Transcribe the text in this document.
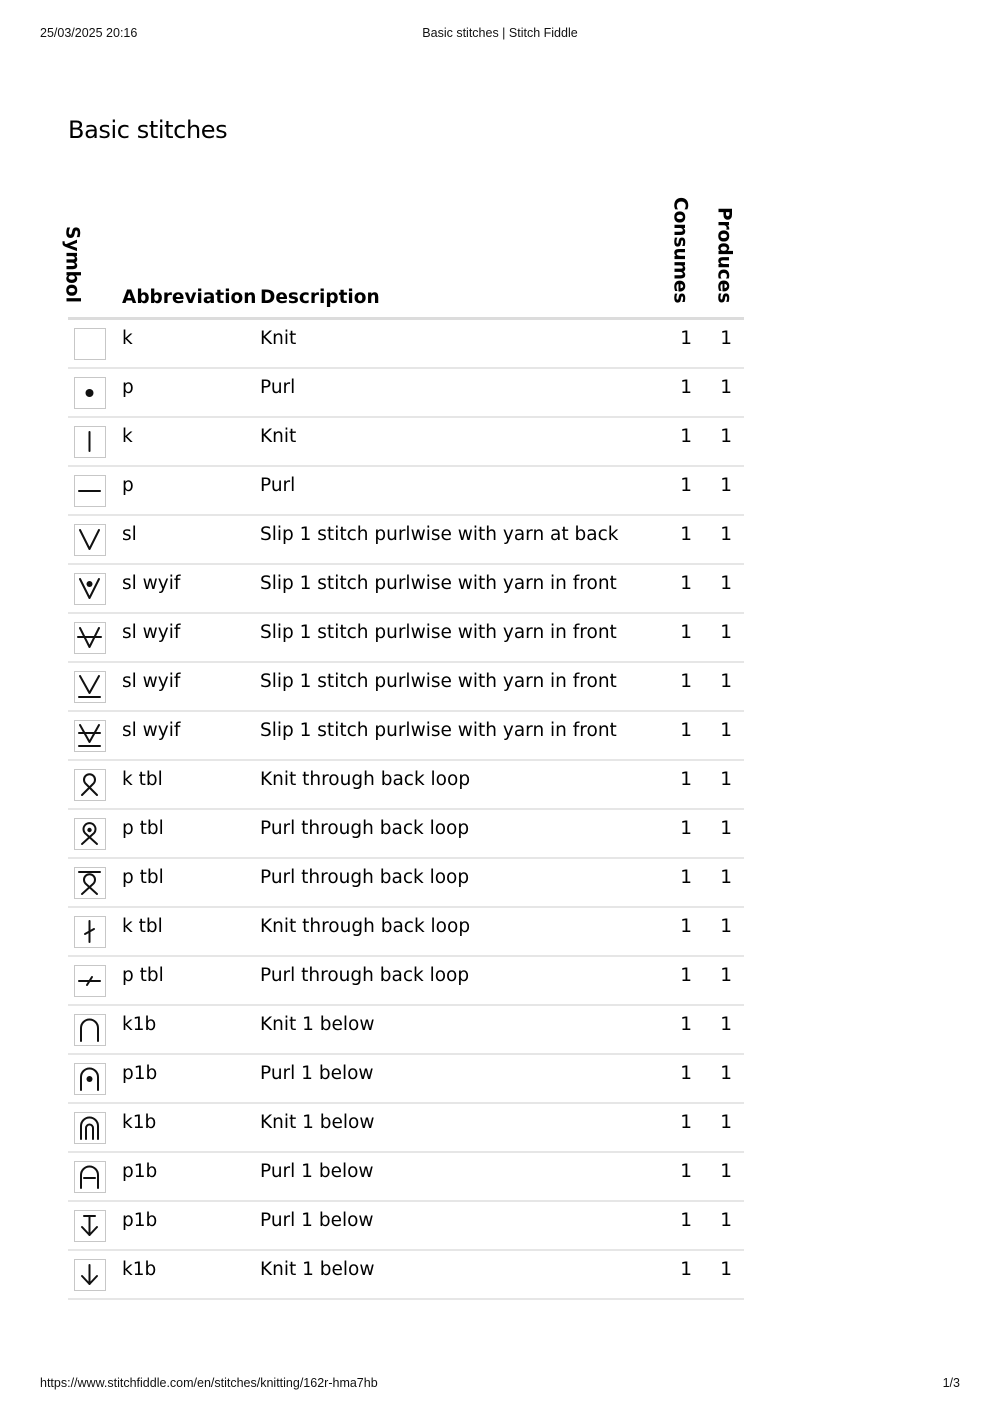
25/03/2025 20:16	Basic stitches | Stitch Fiddle
Basic stitches
Symbol	Abbreviation	Description	Consumes	Produces

	k	Knit	1	1

	p	Purl	1	1

	k	Knit	1	1

	p	Purl	1	1

	sl	Slip 1 stitch purlwise with yarn at back	1	1

	sl wyif	Slip 1 stitch purlwise with yarn in front	1	1

	sl wyif	Slip 1 stitch purlwise with yarn in front	1	1

	sl wyif	Slip 1 stitch purlwise with yarn in front	1	1

	sl wyif	Slip 1 stitch purlwise with yarn in front	1	1

	k tbl	Knit through back loop	1	1

	p tbl	Purl through back loop	1	1

	p tbl	Purl through back loop	1	1

	k tbl	Knit through back loop	1	1

	p tbl	Purl through back loop	1	1

	k1b	Knit 1 below	1	1

	p1b	Purl 1 below	1	1

	k1b	Knit 1 below	1	1

	p1b	Purl 1 below	1	1

	p1b	Purl 1 below	1	1

	k1b	Knit 1 below	1	1
https://www.stitchfiddle.com/en/stitches/knitting/162r-hma7hb	1/3
